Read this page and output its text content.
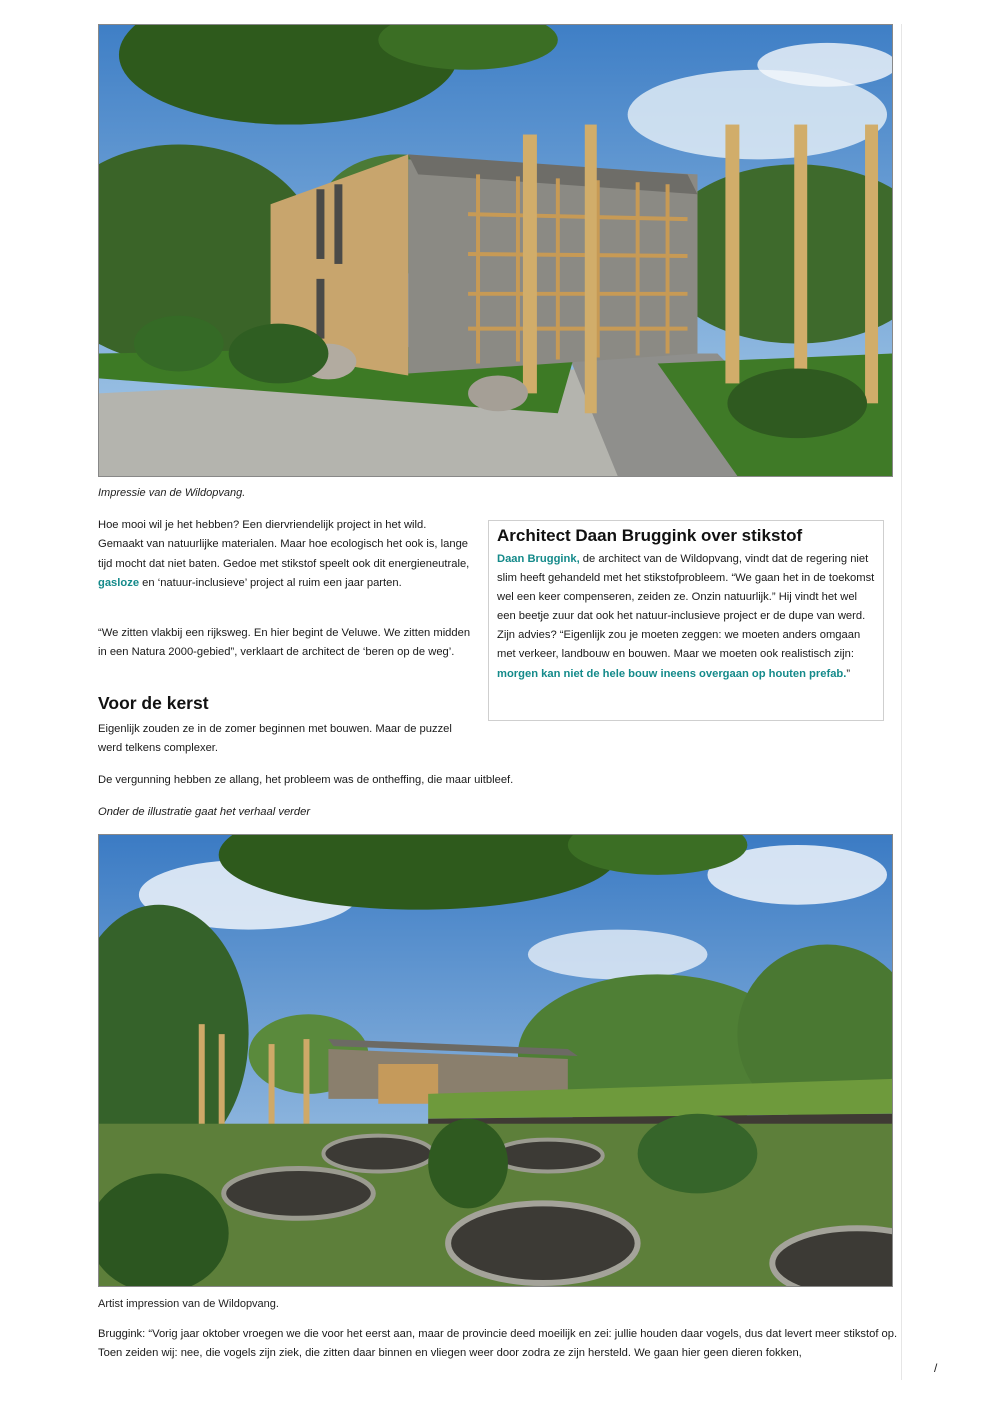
Impressie van de Wildopvang.

Hoe mooi wil je het hebben? Een diervriendelijk project in het wild. Gemaakt van natuurlijke materialen. Maar hoe ecologisch het ook is, lange tijd mocht dat niet baten. Gedoe met stikstof speelt ook dit energieneutrale, gasloze en ‘natuur-inclusieve’ project al ruim een jaar parten.

“We zitten vlakbij een rijksweg. En hier begint de Veluwe. We zitten midden in een Natura 2000-gebied”, verklaart de architect de ‘beren op de weg’.

Voor de kerst

Eigenlijk zouden ze in de zomer beginnen met bouwen. Maar de puzzel werd telkens complexer.

De vergunning hebben ze allang, het probleem was de ontheffing, die maar uitbleef.

Onder de illustratie gaat het verhaal verder

Architect Daan Bruggink over stikstof

Daan Bruggink, de architect van de Wildopvang, vindt dat de regering niet slim heeft gehandeld met het stikstofprobleem. “We gaan het in de toekomst wel een keer compenseren, zeiden ze. Onzin natuurlijk.” Hij vindt het wel een beetje zuur dat ook het natuur-inclusieve project er de dupe van werd. Zijn advies? “Eigenlijk zou je moeten zeggen: we moeten anders omgaan met verkeer, landbouw en bouwen. Maar we moeten ook realistisch zijn: morgen kan niet de hele bouw ineens overgaan op houten prefab.”

Artist impression van de Wildopvang.

Bruggink: “Vorig jaar oktober vroegen we die voor het eerst aan, maar de provincie deed moeilijk en zei: jullie houden daar vogels, dus dat levert meer stikstof op. Toen zeiden wij: nee, die vogels zijn ziek, die zitten daar binnen en vliegen weer door zodra ze zijn hersteld. We gaan hier geen dieren fokken,

/
